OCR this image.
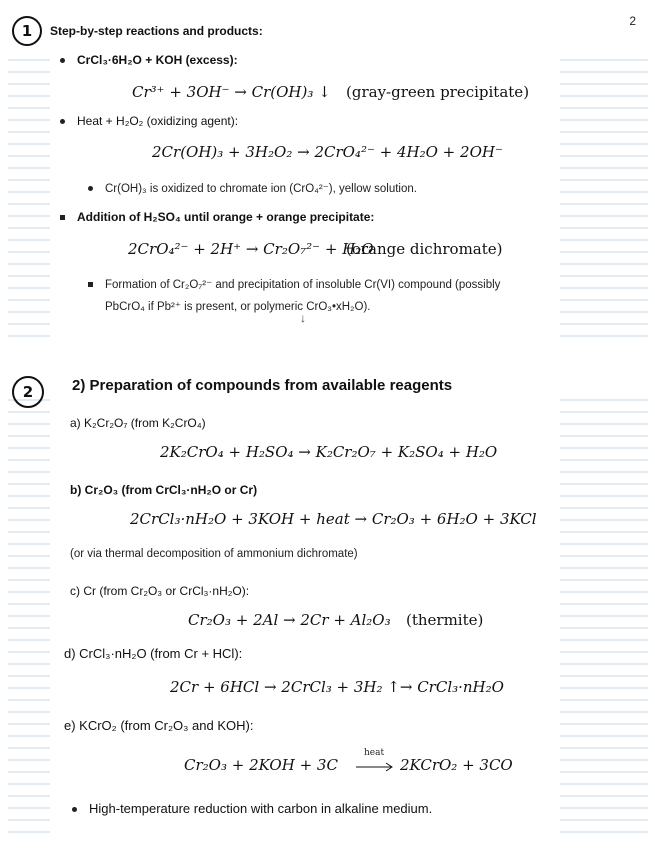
2
1	Step-by-step reactions and products:
CrCl₃·6H₂O + KOH (excess):
Cr³⁺ + 3OH⁻ → Cr(OH)₃ ↓ (gray-green precipitate)
Heat + H₂O₂ (oxidizing agent):
2Cr(OH)₃ + 3H₂O₂ → 2CrO₄²⁻ + 4H₂O + 2OH⁻
Cr(OH)₃ is oxidized to chromate ion (CrO₄²⁻), yellow solution.
Addition of H₂SO₄ until orange + orange precipitate:
2CrO₄²⁻ + 2H⁺ → Cr₂O₇²⁻ + H₂O
(orange dichromate)
Formation of Cr₂O₇²⁻ and precipitation of insoluble Cr(VI) compound (possibly
PbCrO₄ if Pb²⁺ is present, or polymeric CrO₃•xH₂O).
↓
2	2) Preparation of compounds from available reagents
a) K₂Cr₂O₇ (from K₂CrO₄)
2K₂CrO₄ + H₂SO₄ → K₂Cr₂O₇ + K₂SO₄ + H₂O
b) Cr₂O₃ (from CrCl₃·nH₂O or Cr)
2CrCl₃·nH₂O + 3KOH + heat → Cr₂O₃ + 6H₂O + 3KCl
(or via thermal decomposition of ammonium dichromate)
c) Cr (from Cr₂O₃ or CrCl₃·nH₂O):
Cr₂O₃ + 2Al → 2Cr + Al₂O₃ (thermite)
d) CrCl₃·nH₂O (from Cr + HCl):
2Cr + 6HCl → 2CrCl₃ + 3H₂ ↑→ CrCl₃·nH₂O
e) KCrO₂ (from Cr₂O₃ and KOH):
Cr₂O₃ + 2KOH + 3C
heat
2KCrO₂ + 3CO
High-temperature reduction with carbon in alkaline medium.
